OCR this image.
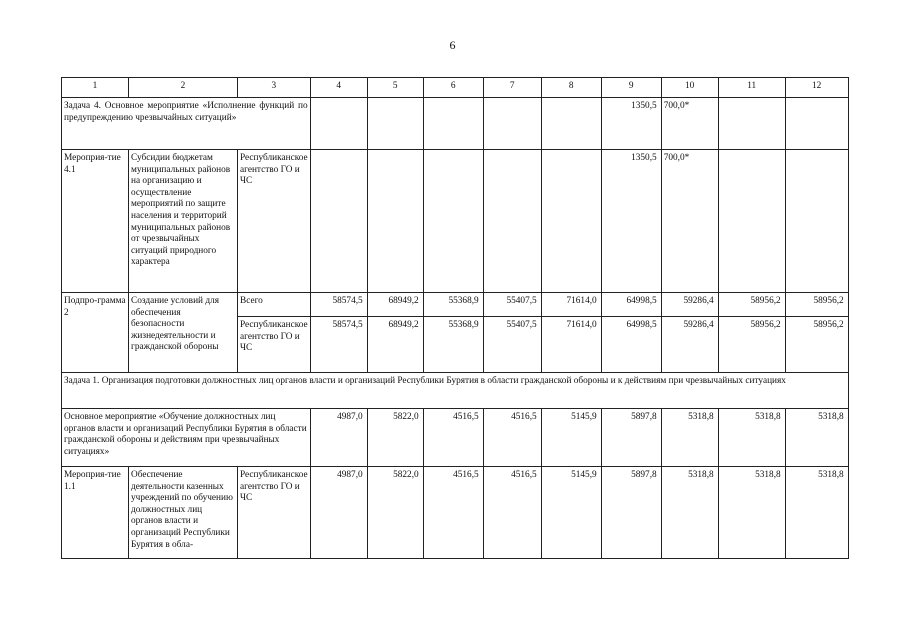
6
1	2	3	4	5	6	7	8	9	10	11	12
Задача 4. Основное мероприятие «Исполнение функций по предупреждению чрезвычайных ситуаций»								1350,5	700,0*		
Мероприя-тие 4.1	Субсидии бюджетам муниципальных районов на организацию и осуществление мероприятий по защите населения и территорий муниципальных районов от чрезвычайных ситуаций природного характера	Республиканское агентство ГО и ЧС						1350,5	700,0*		
Подпро-грамма 2	Создание условий для обеспечения безопасности жизнедеятельности и гражданской обороны	Всего	58574,5	68949,2	55368,9	55407,5	71614,0	64998,5	59286,4	58956,2	58956,2
		Республиканское агентство ГО и ЧС	58574,5	68949,2	55368,9	55407,5	71614,0	64998,5	59286,4	58956,2	58956,2
Задача 1. Организация подготовки должностных лиц органов власти и организаций Республики Бурятия в области гражданской обороны и к действиям при чрезвычайных ситуациях											
Основное мероприятие «Обучение должностных лиц органов власти и организаций Республики Бурятия в области гражданской обороны и действиям при чрезвычайных ситуациях»			4987,0	5822,0	4516,5	4516,5	5145,9	5897,8	5318,8	5318,8	5318,8
Мероприя-тие 1.1	Обеспечение деятельности казенных учреждений по обучению должностных лиц органов власти и организаций Республики Бурятия в обла-	Республиканское агентство ГО и ЧС	4987,0	5822,0	4516,5	4516,5	5145,9	5897,8	5318,8	5318,8	5318,8
